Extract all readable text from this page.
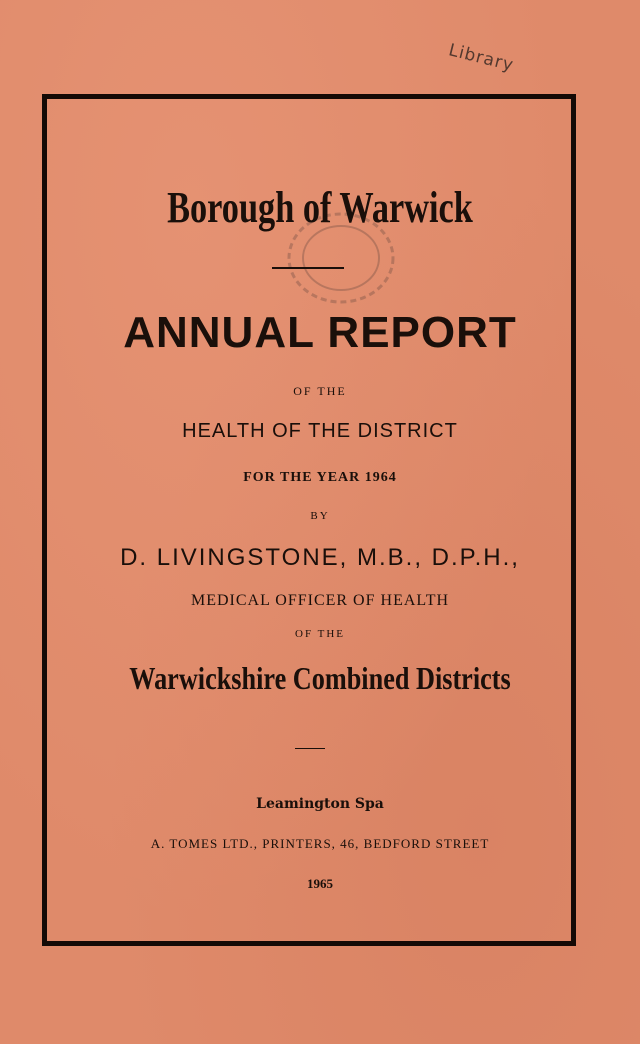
Library
Borough of Warwick
ANNUAL REPORT
OF THE
HEALTH OF THE DISTRICT
FOR THE YEAR 1964
BY
D. LIVINGSTONE, M.B., D.P.H.,
MEDICAL OFFICER OF HEALTH
OF THE
Warwickshire Combined Districts
Leamington Spa
A. TOMES LTD., PRINTERS, 46, BEDFORD STREET
1965
